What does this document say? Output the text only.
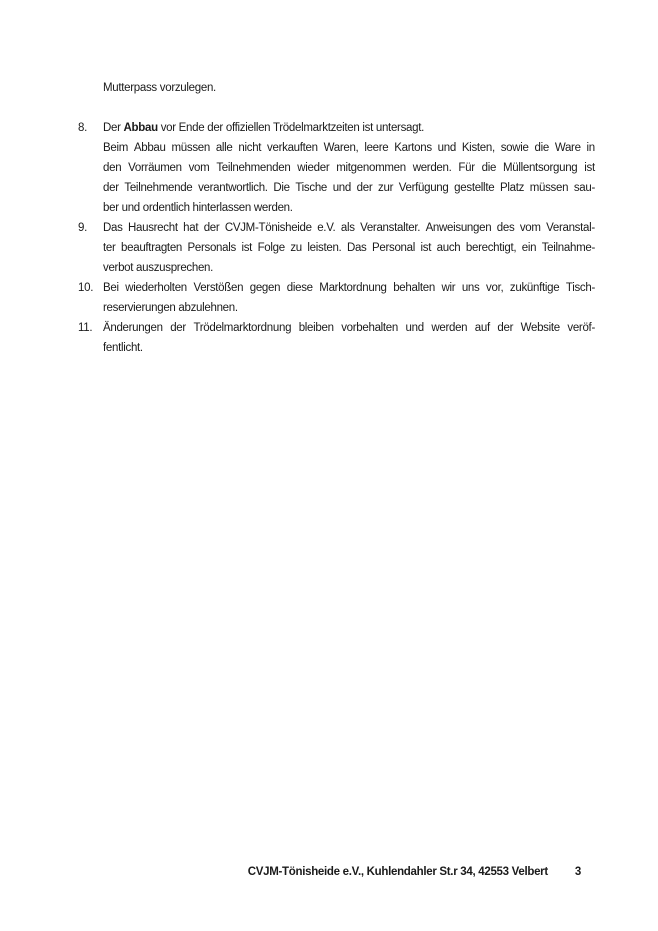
Mutterpass vorzulegen.
8.	Der Abbau vor Ende der offiziellen Trödelmarktzeiten ist untersagt.
Beim Abbau müssen alle nicht verkauften Waren, leere Kartons und Kisten, sowie die Ware in
den Vorräumen vom Teilnehmenden wieder mitgenommen werden. Für die Müllentsorgung ist
der Teilnehmende verantwortlich. Die Tische und der zur Verfügung gestellte Platz müssen sau-
ber und ordentlich hinterlassen werden.
9.	Das Hausrecht hat der CVJM-Tönisheide e.V. als Veranstalter. Anweisungen des vom Veranstal-
ter beauftragten Personals ist Folge zu leisten. Das Personal ist auch berechtigt, ein Teilnahme-
verbot auszusprechen.
10. Bei wiederholten Verstößen gegen diese Marktordnung behalten wir uns vor, zukünftige Tisch-
reservierungen abzulehnen.
11. Änderungen der Trödelmarktordnung bleiben vorbehalten und werden auf der Website veröf-
fentlicht.
CVJM-Tönisheide e.V., Kuhlendahler St.r 34, 42553 Velbert 3
